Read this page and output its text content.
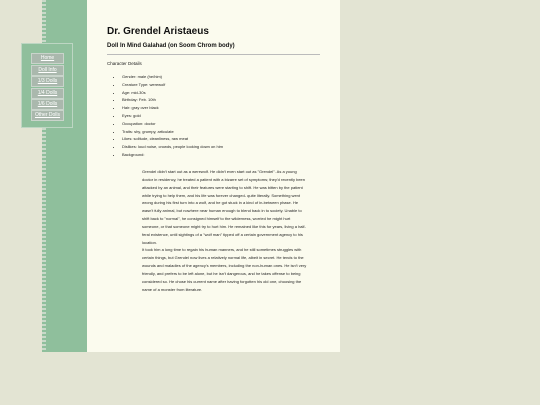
Home
Doll Info
1/3 Dolls
1/4 Dolls
1/6 Dolls
Other Dolls
Dr. Grendel Aristaeus
Doll In Mind Galahad (on Soom Chrom body)
Character Details
• Gender: male (he/him)
• Creature Type: werewolf
• Age: mid-30s
• Birthday: Feb. 10th
• Hair: gray over black
• Eyes: gold
• Occupation: doctor
• Traits: shy, grumpy, articulate
• Likes: solitude, cleanliness, raw meat
• Dislikes: loud noise, crowds, people looking down on him
• Background:

Grendel didn't start out as a werewolf. He didn't even start out as "Grendel". As a young doctor in residency, he treated a patient with a bizarre set of symptoms; they'd recently been attacked by an animal, and their features were starting to shift. He was bitten by the patient while trying to help them, and his life was forever changed- quite literally. Something went wrong during his first turn into a wolf, and he got stuck in a kind of in-between phase. He wasn't fully animal, but nowhere near human enough to blend back in to society. Unable to shift back to "normal", he consigned himself to the wilderness, worried he might hurt someone, or that someone might try to hurt him. He remained like this for years, living a half-feral existence, until sightings of a "wolf man" tipped off a certain government agency to his location.

It took him a long time to regain his human manners, and he still sometimes struggles with certain things, but Grendel now lives a relatively normal life, albeit in secret. He tends to the wounds and maladies of the agency's members, including the non-human ones. He isn't very friendly, and prefers to be left alone, but he isn't dangerous, and he takes offense to being considered so. He chose his current name after having forgotten his old one, choosing the name of a monster from literature.
